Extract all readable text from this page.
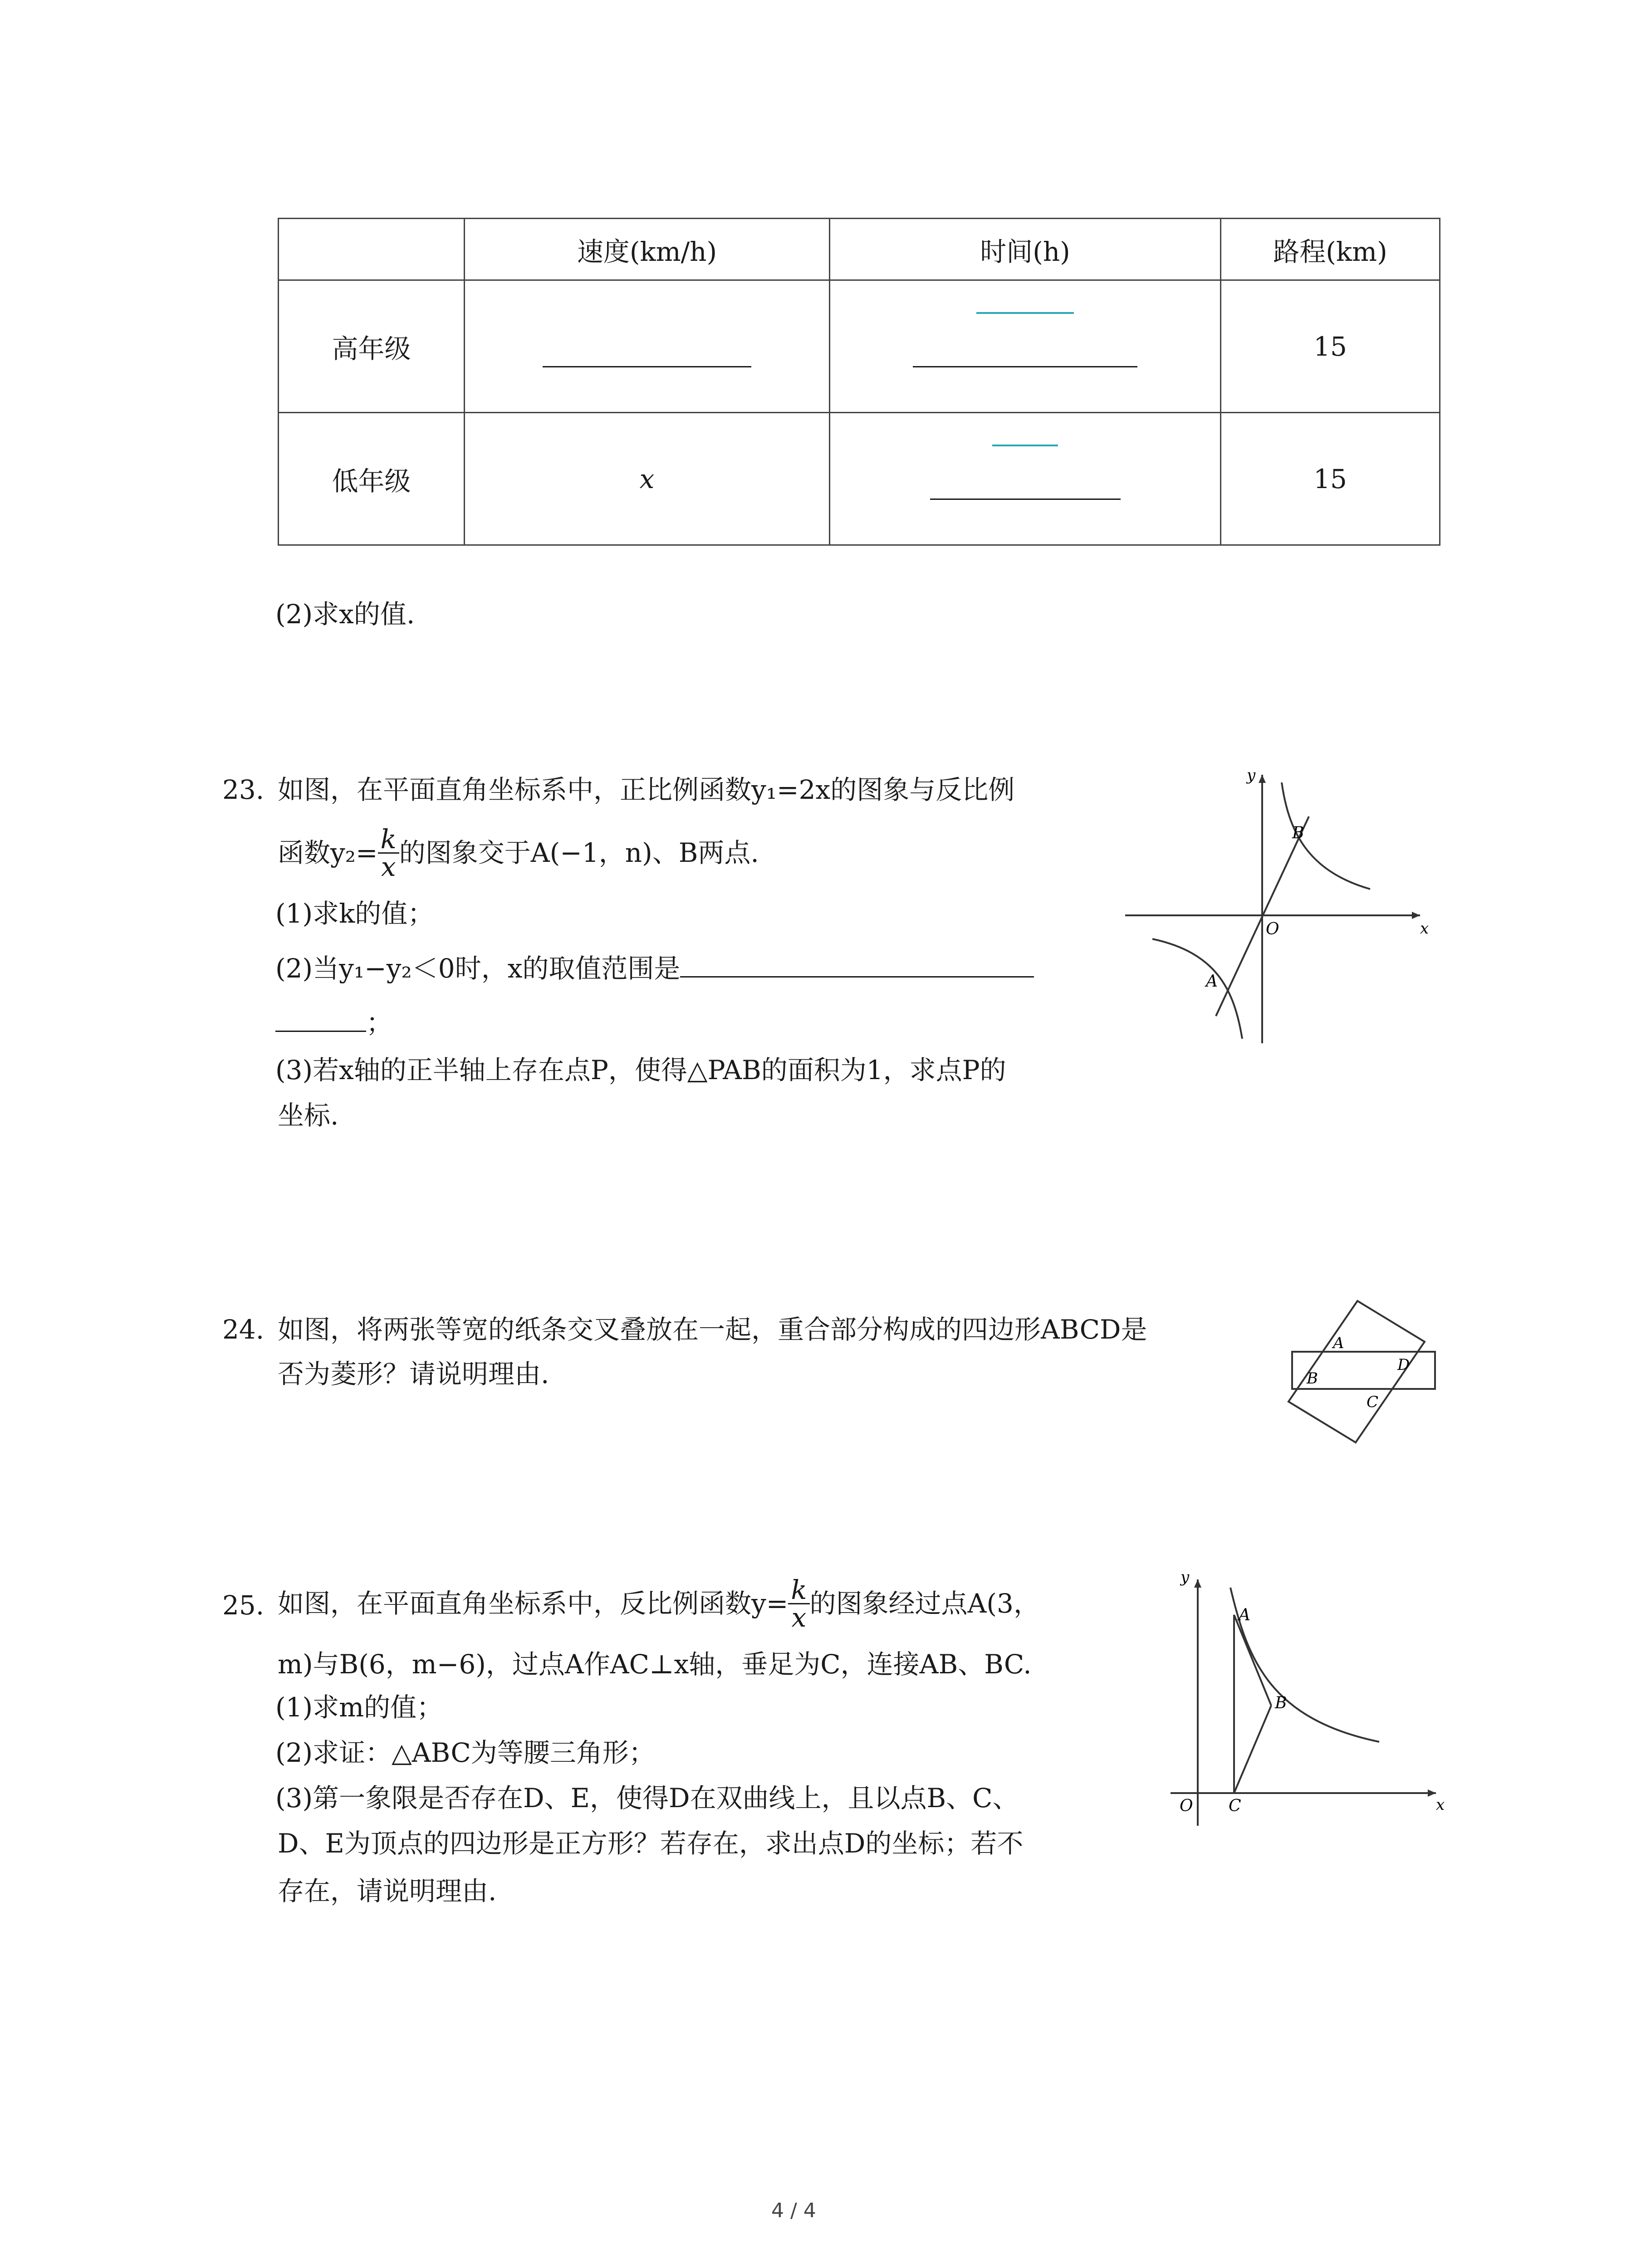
	速度(km/h)	时间(h)	路程(km)
高年级			15
低年级	x		15
(2)求x的值.
23. 如图，在平面直角坐标系中，正比例函数y₁=2x的图象与反比例
函数$y_2= \frac{k}{x}$ 的图象交于A(−1，n)、B两点.
(1)求k的值；
(2)当y₁−y₂＜0时，x的取值范围是
；
(3)若x轴的正半轴上存在点P，使得△PAB的面积为1，求点P的
坐标.
x
y
O
B
A
24. 如图，将两张等宽的纸条交叉叠放在一起，重合部分构成的四边形ABCD是
否为菱形？请说明理由.
A
B
C
D
25. 如图，在平面直角坐标系中，反比例函数$y= \frac{k}{x}$ 的图象经过点A(3，
m)与B(6，m−6)，过点A作AC⊥x轴，垂足为C，连接AB、BC.
(1)求m的值；
(2)求证：△ABC为等腰三角形；
(3)第一象限是否存在D、E，使得D在双曲线上，且以点B、C、
D、E为顶点的四边形是正方形？若存在，求出点D的坐标；若不
存在，请说明理由.
x
y
O
A
B
C
4 / 4
